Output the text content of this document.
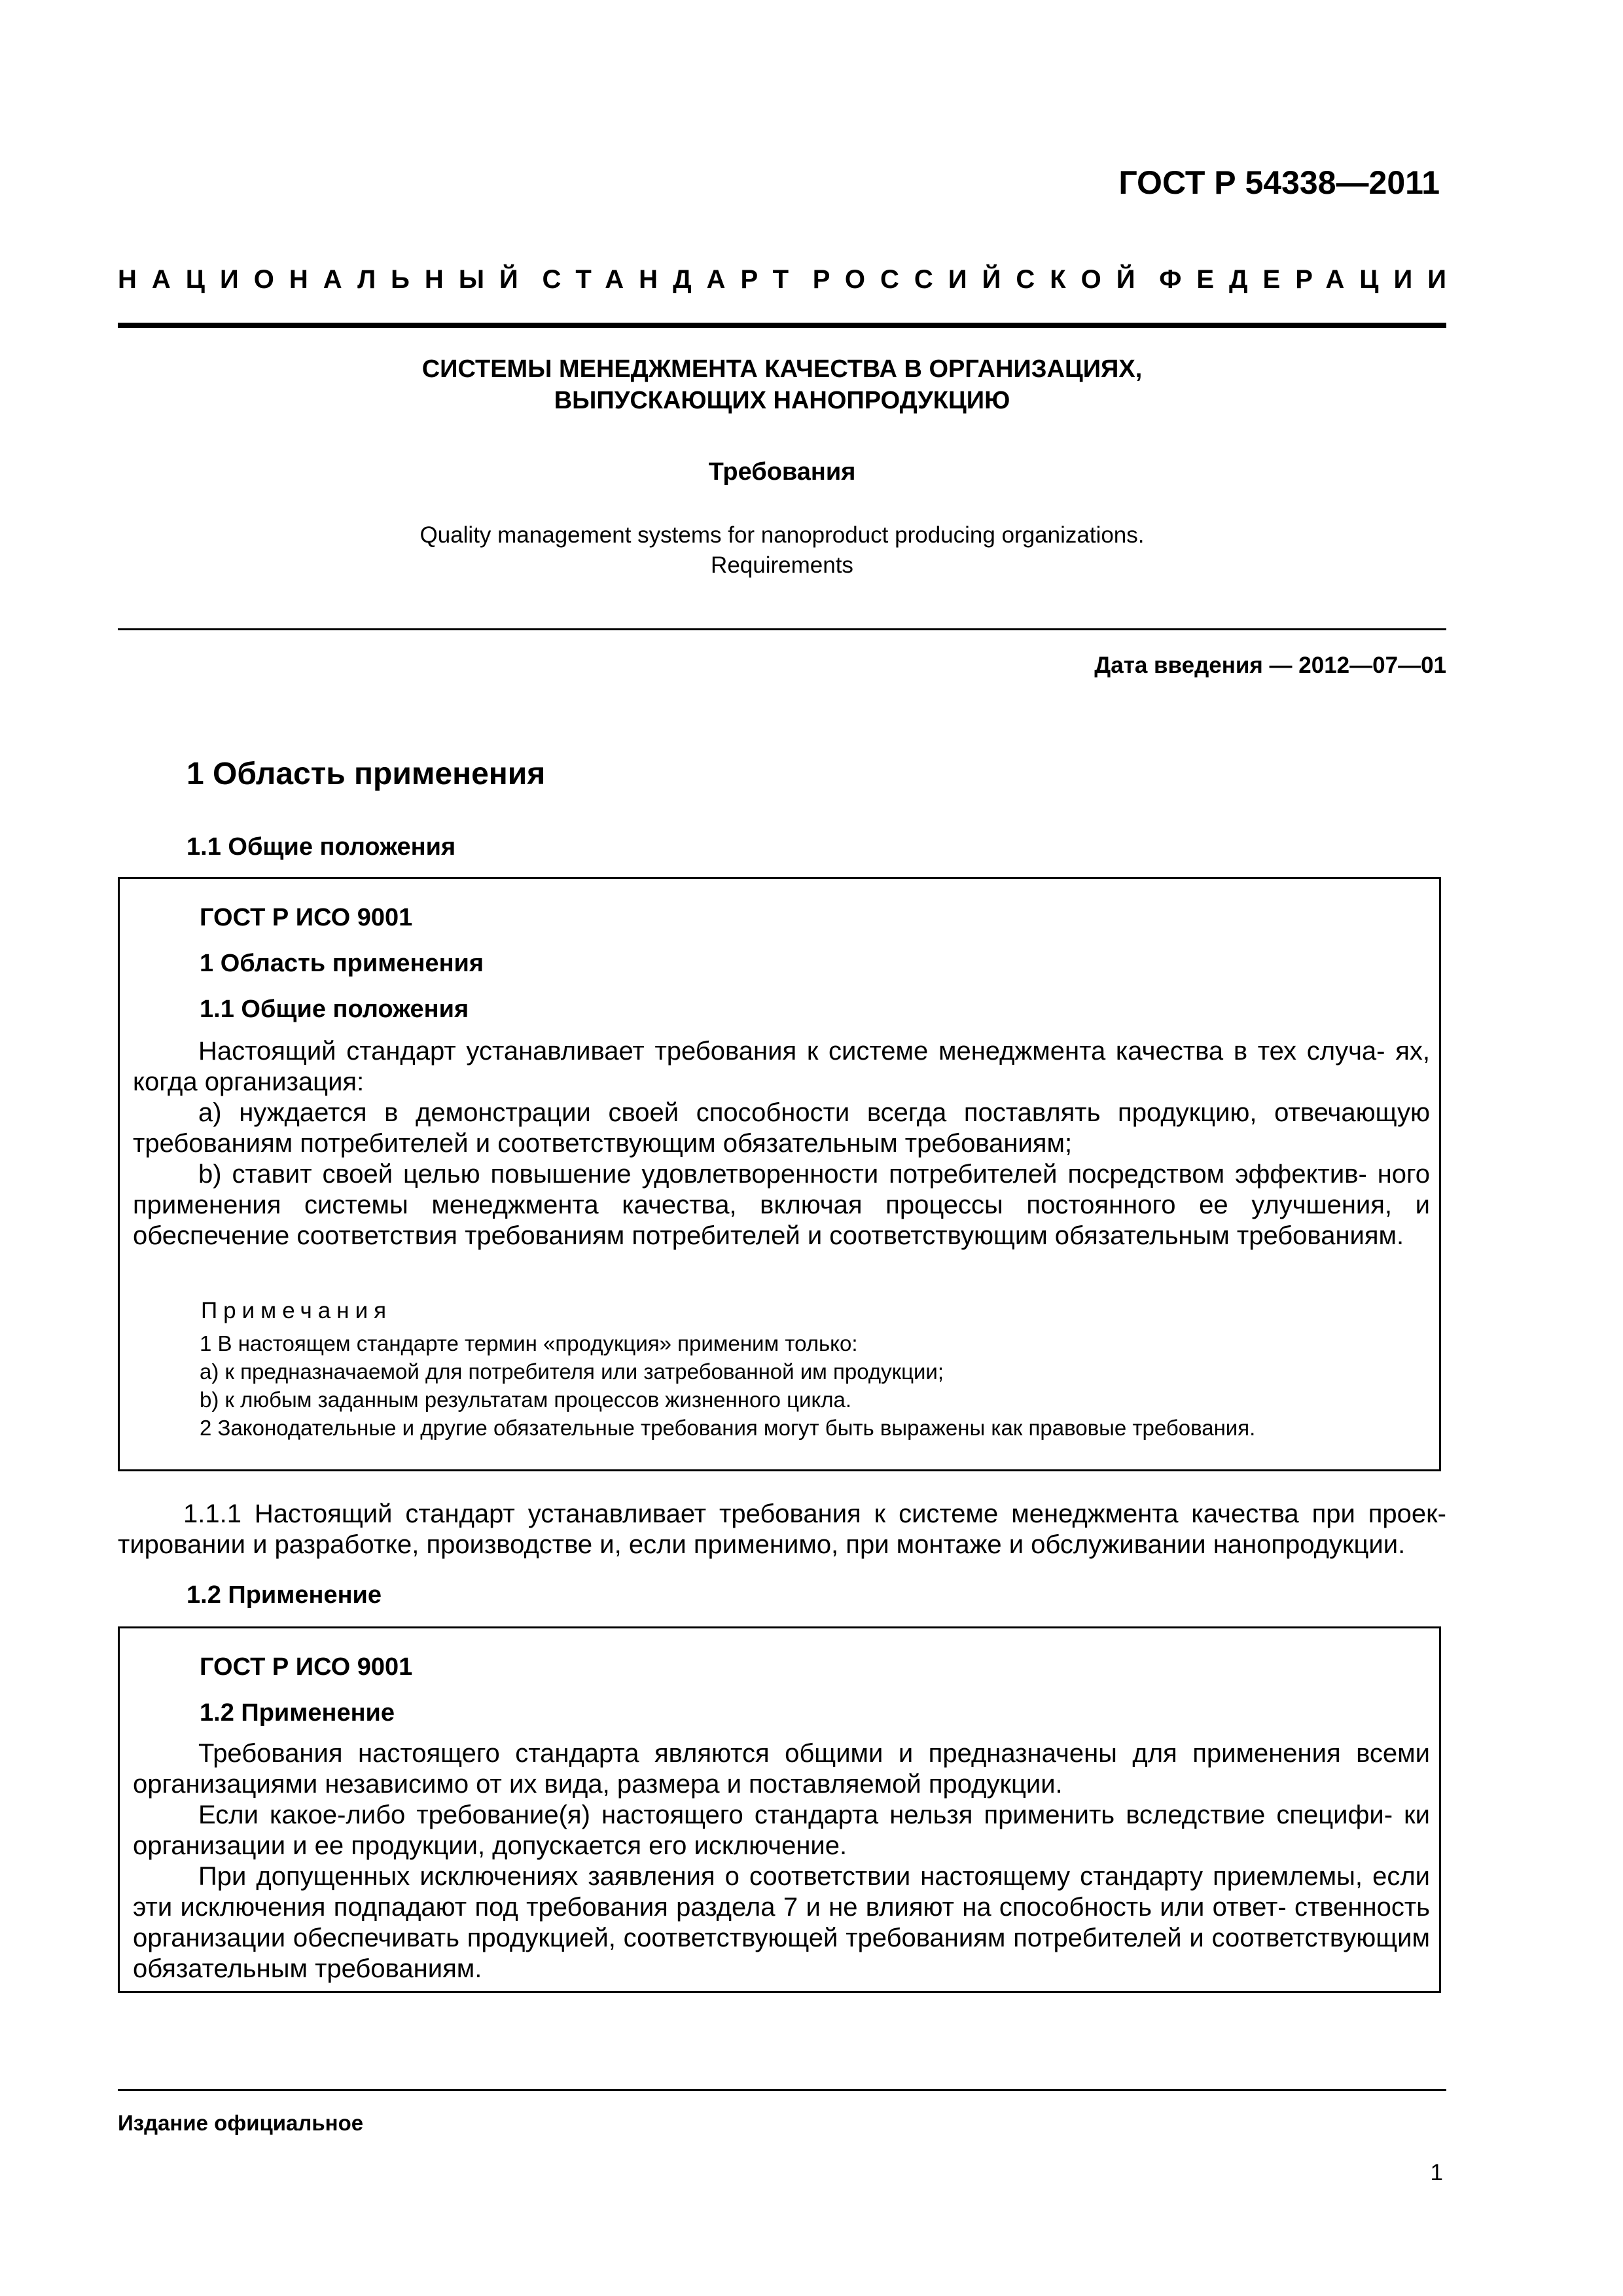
ГОСТ Р 54338—2011
НАЦИОНАЛЬНЫЙ СТАНДАРТ РОССИЙСКОЙ ФЕДЕРАЦИИ
СИСТЕМЫ МЕНЕДЖМЕНТА КАЧЕСТВА В ОРГАНИЗАЦИЯХ,
ВЫПУСКАЮЩИХ НАНОПРОДУКЦИЮ
Требования
Quality management systems for nanoproduct producing organizations.
Requirements
Дата введения — 2012—07—01
1 Область применения
1.1 Общие положения
ГОСТ Р ИСО 9001
1 Область применения
1.1 Общие положения
Настоящий стандарт устанавливает требования к системе менеджмента качества в тех случа- ях, когда организация:
a) нуждается в демонстрации своей способности всегда поставлять продукцию, отвечающую требованиям потребителей и соответствующим обязательным требованиям;
b) ставит своей целью повышение удовлетворенности потребителей посредством эффектив- ного применения системы менеджмента качества, включая процессы постоянного ее улучшения, и обеспечение соответствия требованиям потребителей и соответствующим обязательным требованиям.
Примечания
1 В настоящем стандарте термин «продукция» применим только:
a) к предназначаемой для потребителя или затребованной им продукции;
b) к любым заданным результатам процессов жизненного цикла.
2 Законодательные и другие обязательные требования могут быть выражены как правовые требования.
1.1.1 Настоящий стандарт устанавливает требования к системе менеджмента качества при проек- тировании и разработке, производстве и, если применимо, при монтаже и обслуживании нанопродукции.
1.2 Применение
ГОСТ Р ИСО 9001
1.2 Применение
Требования настоящего стандарта являются общими и предназначены для применения всеми организациями независимо от их вида, размера и поставляемой продукции.
Если какое-либо требование(я) настоящего стандарта нельзя применить вследствие специфи- ки организации и ее продукции, допускается его исключение.
При допущенных исключениях заявления о соответствии настоящему стандарту приемлемы, если эти исключения подпадают под требования раздела 7 и не влияют на способность или ответ- ственность организации обеспечивать продукцией, соответствующей требованиям потребителей и соответствующим обязательным требованиям.
Издание официальное
1
